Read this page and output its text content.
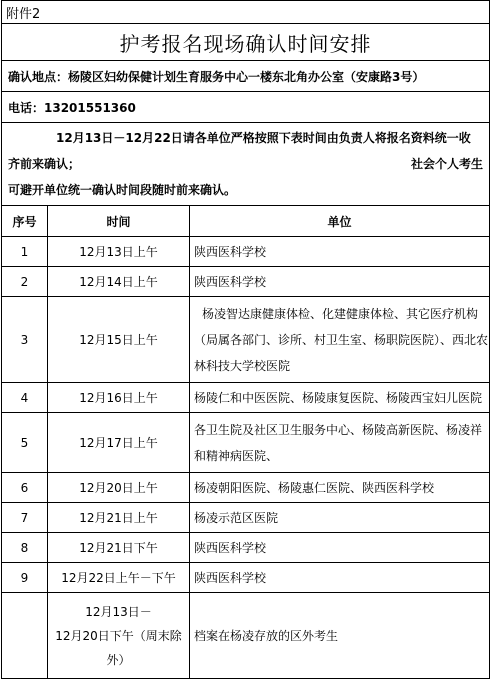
附件2		
护考报名现场确认时间安排		
确认地点：杨陵区妇幼保健计划生育服务中心一楼东北角办公室（安康路3号）		
电话：13201551360		

12月13日－12月22日请各单位严格按照下表时间由负责人将报名资料统一收
齐前来确认； 社会个人考生
可避开单位统一确认时间段随时前来确认。		

序号	时间	单位
1	12月13日上午	陕西医科学校
2	12月14日上午	陕西医科学校
3	12月15日上午	杨凌智达康健康体检、化建健康体检、其它医疗机构（局属各部门、诊所、村卫生室、杨职院医院）、西北农林科技大学校医院
4	12月16日上午	杨陵仁和中医医院、杨陵康复医院、杨陵西宝妇儿医院
5	12月17日上午	各卫生院及社区卫生服务中心、杨陵高新医院、杨凌祥和精神病医院、
6	12月20日上午	杨凌朝阳医院、杨陵惠仁医院、陕西医科学校
7	12月21日上午	杨凌示范区医院
8	12月21日下午	陕西医科学校
9	12月22日上午－下午	陕西医科学校

	12月13日－
12月20日下午（周末除
外）	档案在杨凌存放的区外考生
